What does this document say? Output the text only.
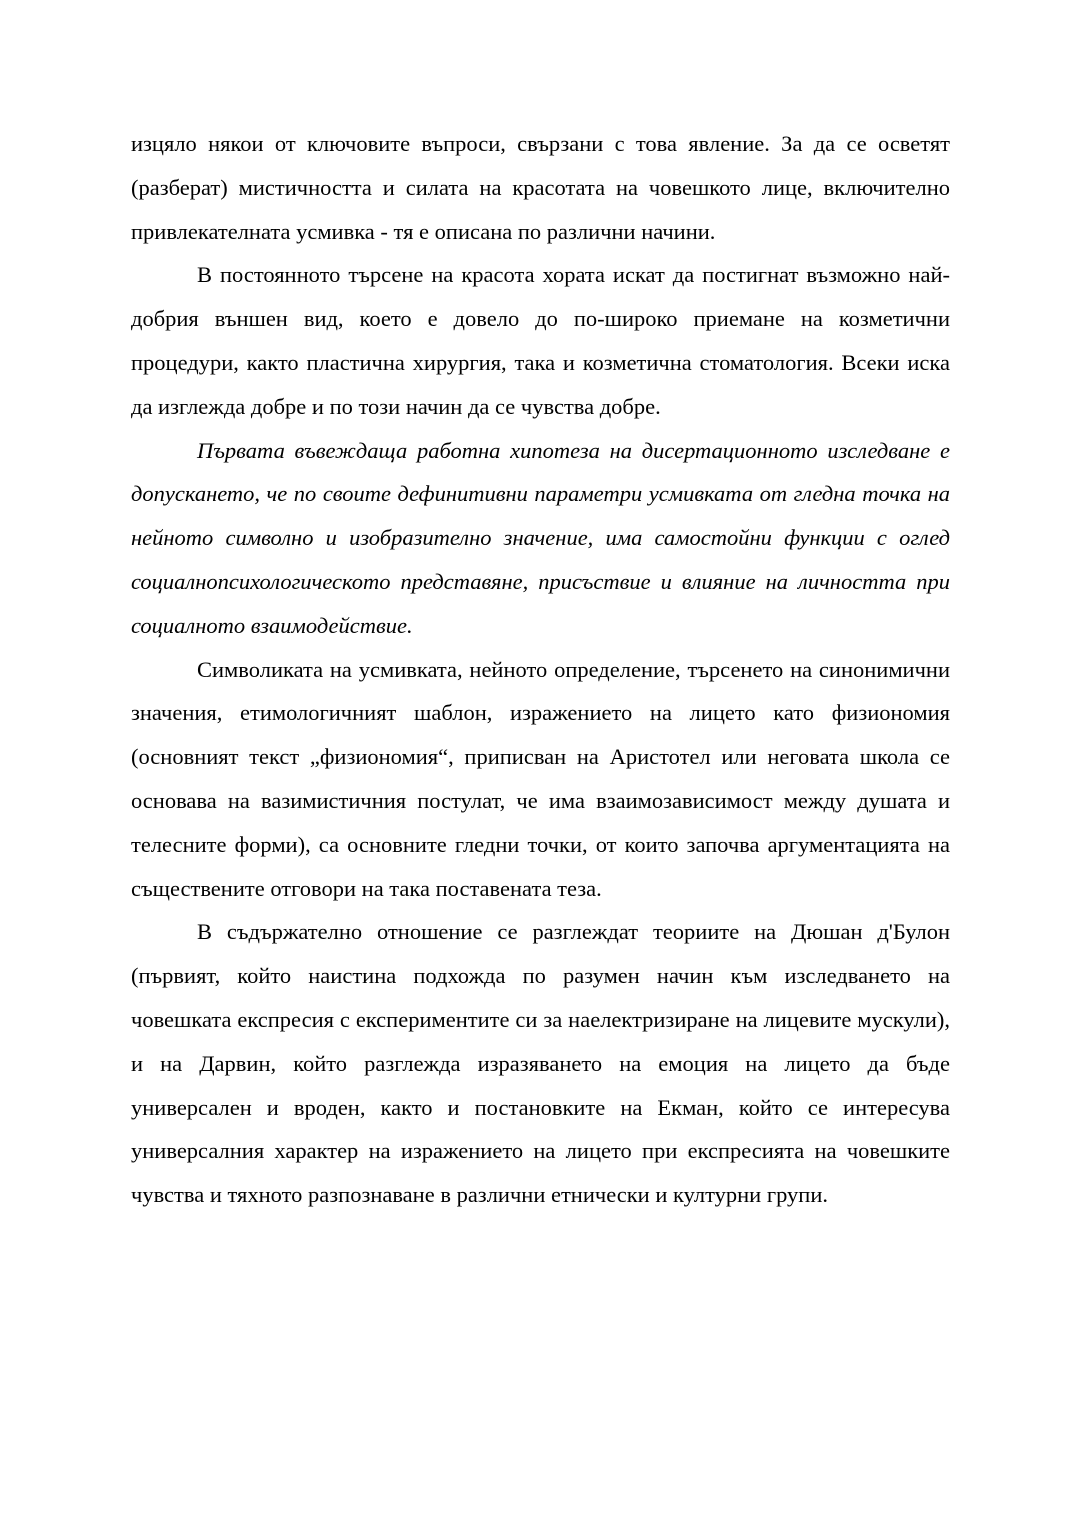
изцяло някои от ключовите въпроси, свързани с това явление. За да се осветят (разберат) мистичността и силата на красотата на човешкото лице, включително привлекателната усмивка - тя е описана по различни начини.

В постоянното търсене на красота хората искат да постигнат възможно най-добрия външен вид, което е довело до по-широко приемане на козметични процедури, както пластична хирургия, така и козметична стоматология. Всеки иска да изглежда добре и по този начин да се чувства добре.

Първата въвеждаща работна хипотеза на дисертационното изследване е допускането, че по своите дефинитивни параметри усмивката от гледна точка на нейното символно и изобразително значение, има самостойни функции с оглед социалнопсихологическото представяне, присъствие и влияние на личността при социалното взаимодействие.

Символиката на усмивката, нейното определение, търсенето на синонимични значения, етимологичният шаблон, изражението на лицето като физиономия (основният текст „физиономия“, приписван на Аристотел или неговата школа се основава на вазимистичния постулат, че има взаимозависимост между душата и телесните форми), са основните гледни точки, от които започва аргументацията на съществените отговори на така поставената теза.

В съдържателно отношение се разглеждат теориите на Дюшан д'Булон (първият, който наистина подхожда по разумен начин към изследването на човешката експресия с експериментите си за наелектризиране на лицевите мускули), и на Дарвин, който разглежда изразяването на емоция на лицето да бъде универсален и вроден, както и постановките на Екман, който се интересува универсалния характер на изражението на лицето при експресията на човешките чувства и тяхното разпознаване в различни етнически и културни групи.
